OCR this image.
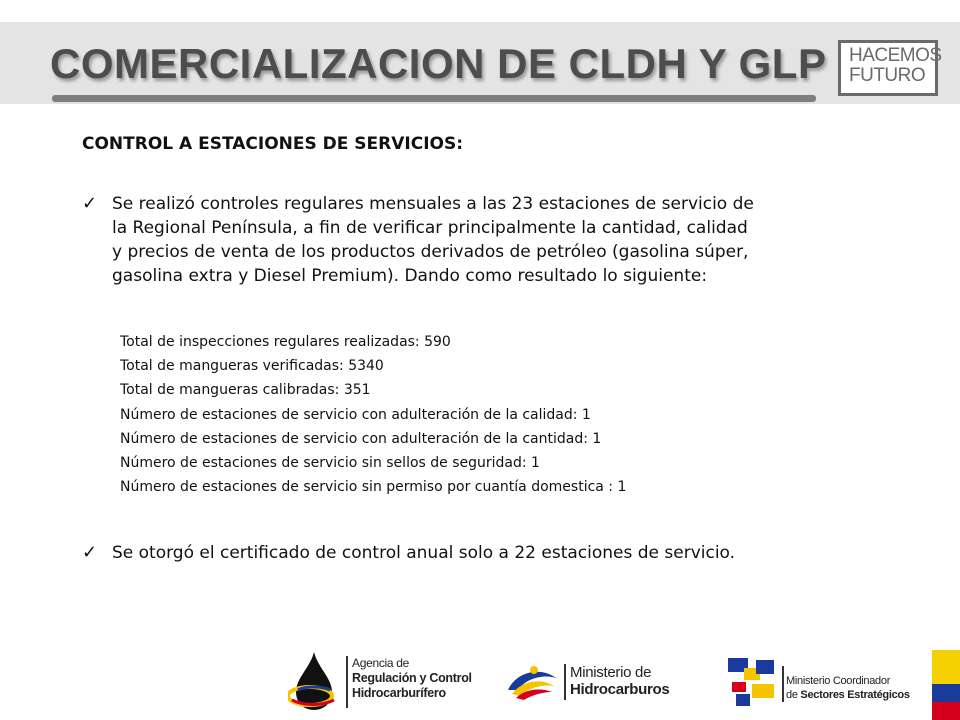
COMERCIALIZACION DE CLDH Y GLP HACEMOS
FUTURO
CONTROL A ESTACIONES DE SERVICIOS:
✓ Se realizó controles regulares mensuales a las 23 estaciones de servicio de
la Regional Península, a fin de verificar principalmente la cantidad, calidad
y precios de venta de los productos derivados de petróleo (gasolina súper,
gasolina extra y Diesel Premium). Dando como resultado lo siguiente:
Total de inspecciones regulares realizadas: 590
Total de mangueras verificadas: 5340
Total de mangueras calibradas: 351
Número de estaciones de servicio con adulteración de la calidad: 1
Número de estaciones de servicio con adulteración de la cantidad: 1
Número de estaciones de servicio sin sellos de seguridad: 1
Número de estaciones de servicio sin permiso por cuantía domestica : 1
✓ Se otorgó el certificado de control anual solo a 22 estaciones de servicio.
Agencia de
Regulación y Control
Hidrocarburífero
Ministerio de
Hidrocarburos	Ministerio Coordinador
de Sectores Estratégicos
